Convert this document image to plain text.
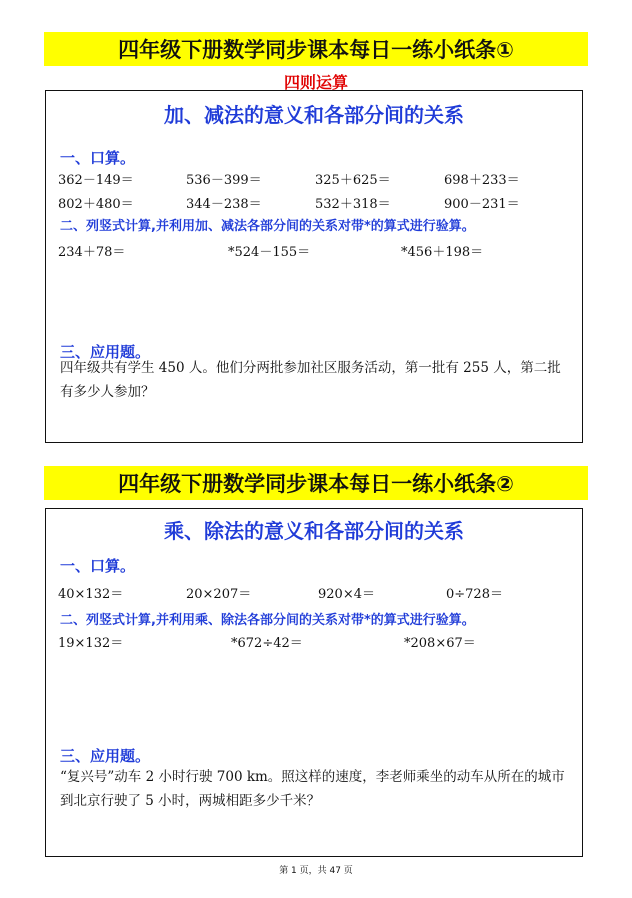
四年级下册数学同步课本每日一练小纸条①
四则运算
加、减法的意义和各部分间的关系
一、口算。
362－149＝	536－399＝	325＋625＝	698＋233＝
802＋480＝	344－238＝	532＋318＝	900－231＝
二、列竖式计算,并利用加、减法各部分间的关系对带*的算式进行验算。
234＋78＝	*524－155＝	*456＋198＝
三、应用题。
四年级共有学生 450 人。他们分两批参加社区服务活动，第一批有 255 人，第二批有多少人参加？
四年级下册数学同步课本每日一练小纸条②
乘、除法的意义和各部分间的关系
一、口算。
40×132＝	20×207＝	920×4＝	0÷728＝
二、列竖式计算,并利用乘、除法各部分间的关系对带*的算式进行验算。
19×132＝	*672÷42＝	*208×67＝
三、应用题。
“复兴号”动车 2 小时行驶 700 km。照这样的速度，李老师乘坐的动车从所在的城市到北京行驶了 5 小时，两城相距多少千米？
第 1 页，共 47 页
